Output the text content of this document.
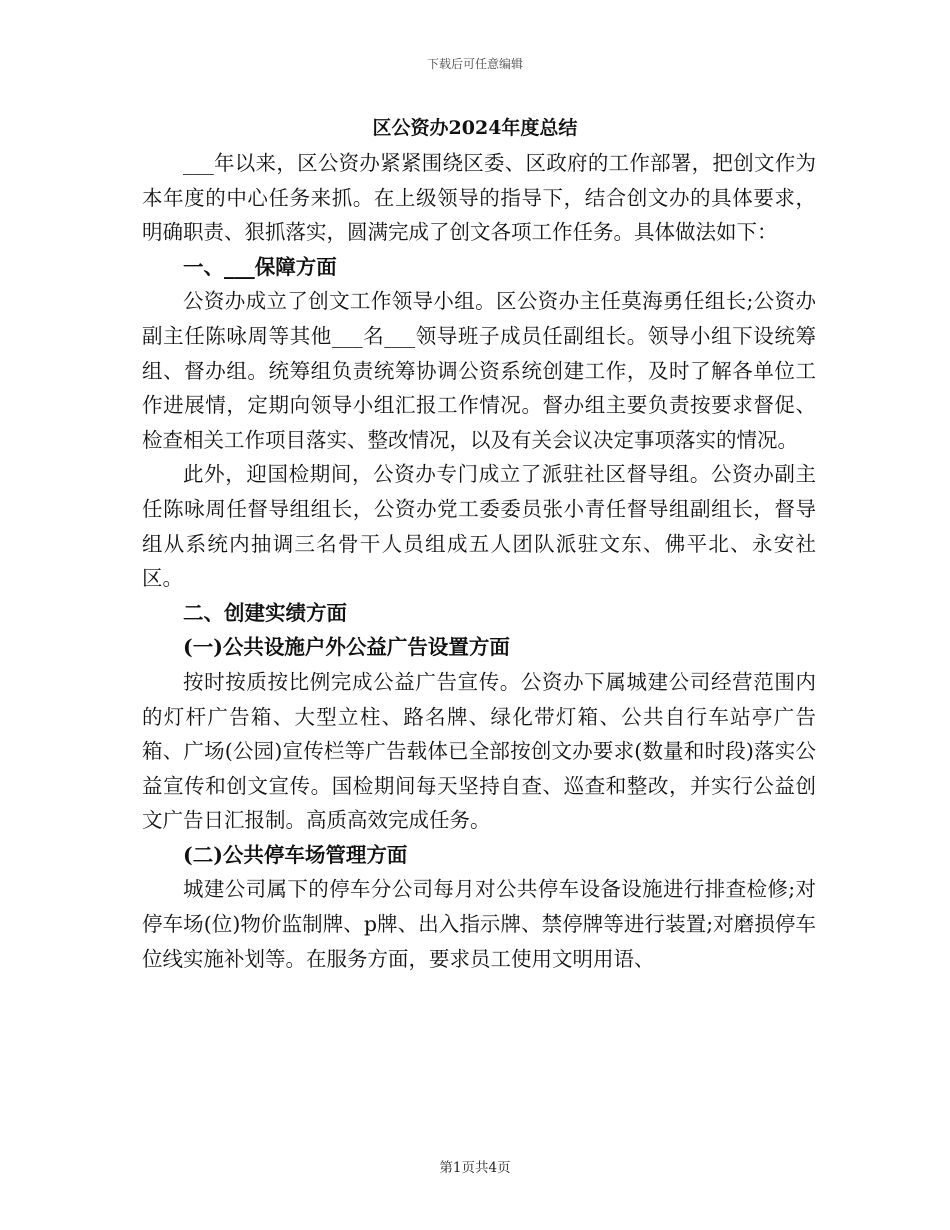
下载后可任意编辑
区公资办2024年度总结

___年以来，区公资办紧紧围绕区委、区政府的工作部署，把创文作为本年度的中心任务来抓。在上级领导的指导下，结合创文办的具体要求，明确职责、狠抓落实，圆满完成了创文各项工作任务。具体做法如下：

一、___保障方面

公资办成立了创文工作领导小组。区公资办主任莫海勇任组长;公资办副主任陈咏周等其他___名___领导班子成员任副组长。领导小组下设统筹组、督办组。统筹组负责统筹协调公资系统创建工作，及时了解各单位工作进展情，定期向领导小组汇报工作情况。督办组主要负责按要求督促、检查相关工作项目落实、整改情况，以及有关会议决定事项落实的情况。

此外，迎国检期间，公资办专门成立了派驻社区督导组。公资办副主任陈咏周任督导组组长，公资办党工委委员张小青任督导组副组长，督导组从系统内抽调三名骨干人员组成五人团队派驻文东、佛平北、永安社区。

二、创建实绩方面

(一)公共设施户外公益广告设置方面

按时按质按比例完成公益广告宣传。公资办下属城建公司经营范围内的灯杆广告箱、大型立柱、路名牌、绿化带灯箱、公共自行车站亭广告箱、广场(公园)宣传栏等广告载体已全部按创文办要求(数量和时段)落实公益宣传和创文宣传。国检期间每天坚持自查、巡查和整改，并实行公益创文广告日汇报制。高质高效完成任务。

(二)公共停车场管理方面

城建公司属下的停车分公司每月对公共停车设备设施进行排查检修;对停车场(位)物价监制牌、p牌、出入指示牌、禁停牌等进行装置;对磨损停车位线实施补划等。在服务方面，要求员工使用文明用语、

第1页共4页
